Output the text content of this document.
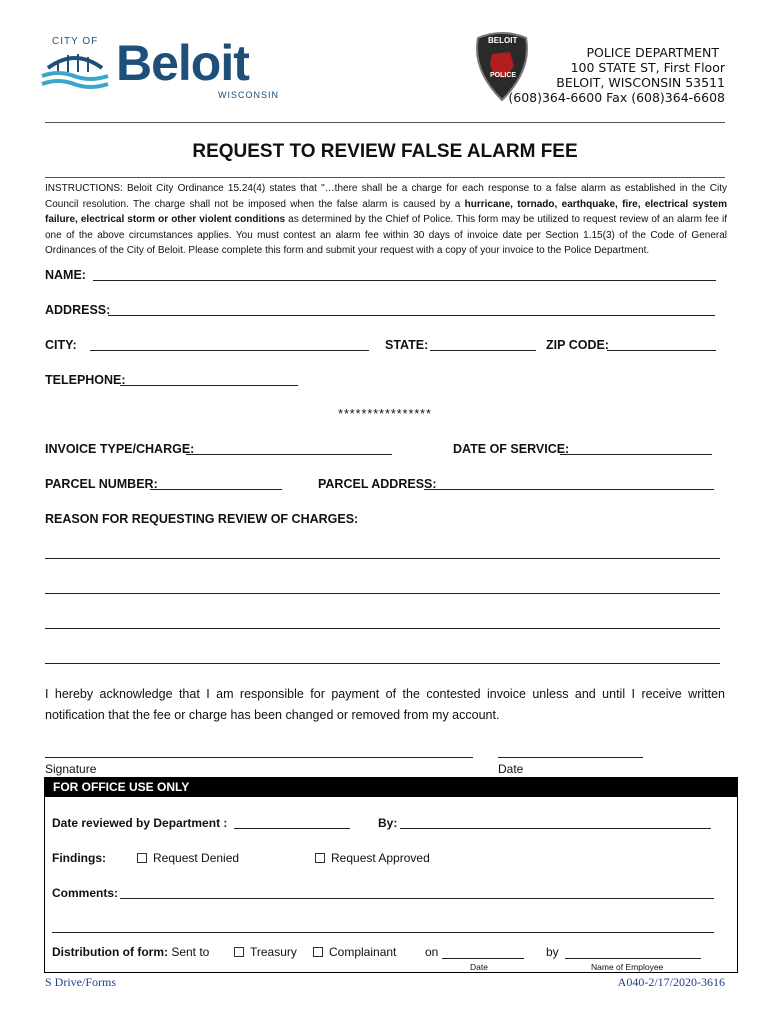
CITY OF Beloit
WISCONSIN
BELOIT
POLICE
POLICE DEPARTMENT
100 STATE ST, First Floor
BELOIT, WISCONSIN 53511
(608)364-6600 Fax (608)364-6608
REQUEST TO REVIEW FALSE ALARM FEE
INSTRUCTIONS: Beloit City Ordinance 15.24(4) states that "…there shall be a charge for each response to a false alarm as established in the City Council resolution. The charge shall not be imposed when the false alarm is caused by a hurricane, tornado, earthquake, fire, electrical system failure, electrical storm or other violent conditions as determined by the Chief of Police. This form may be utilized to request review of an alarm fee if one of the above circumstances applies. You must contest an alarm fee within 30 days of invoice date per Section 1.15(3) of the Code of General Ordinances of the City of Beloit. Please complete this form and submit your request with a copy of your invoice to the Police Department.
NAME:
ADDRESS:
CITY:	STATE:	ZIP CODE:
TELEPHONE:
****************
INVOICE TYPE/CHARGE:	DATE OF SERVICE:
PARCEL NUMBER:	PARCEL ADDRESS:
REASON FOR REQUESTING REVIEW OF CHARGES:
I hereby acknowledge that I am responsible for payment of the contested invoice unless and until I receive written notification that the fee or charge has been changed or removed from my account.
Signature	Date
FOR OFFICE USE ONLY
Date reviewed by Department :	By:
Findings:	Request Denied	Request Approved
Comments:
Distribution of form: Sent to	Treasury	Complainant on	by
Date	Name of Employee
S Drive/Forms	A040-2/17/2020-3616
